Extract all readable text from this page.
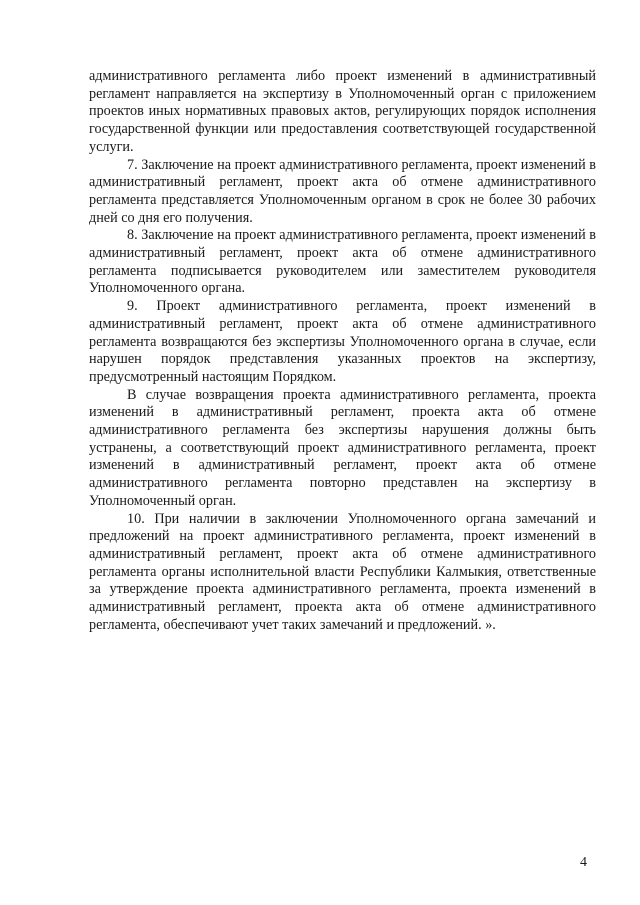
административного регламента либо проект изменений в административный регламент направляется на экспертизу в Уполномоченный орган с приложением проектов иных нормативных правовых актов, регулирующих порядок исполнения государственной функции или предоставления соответствующей государственной услуги.

7. Заключение на проект административного регламента, проект изменений в административный регламент, проект акта об отмене административного регламента представляется Уполномоченным органом в срок не более 30 рабочих дней со дня его получения.

8. Заключение на проект административного регламента, проект изменений в административный регламент, проект акта об отмене административного регламента подписывается руководителем или заместителем руководителя Уполномоченного органа.

9. Проект административного регламента, проект изменений в административный регламент, проект акта об отмене административного регламента возвращаются без экспертизы Уполномоченного органа в случае, если нарушен порядок представления указанных проектов на экспертизу, предусмотренный настоящим Порядком.

В случае возвращения проекта административного регламента, проекта изменений в административный регламент, проекта акта об отмене административного регламента без экспертизы нарушения должны быть устранены, а соответствующий проект административного регламента, проект изменений в административный регламент, проект акта об отмене административного регламента повторно представлен на экспертизу в Уполномоченный орган.

10. При наличии в заключении Уполномоченного органа замечаний и предложений на проект административного регламента, проект изменений в административный регламент, проект акта об отмене административного регламента органы исполнительной власти Республики Калмыкия, ответственные за утверждение проекта административного регламента, проекта изменений в административный регламент, проекта акта об отмене административного регламента, обеспечивают учет таких замечаний и предложений. ».

4
